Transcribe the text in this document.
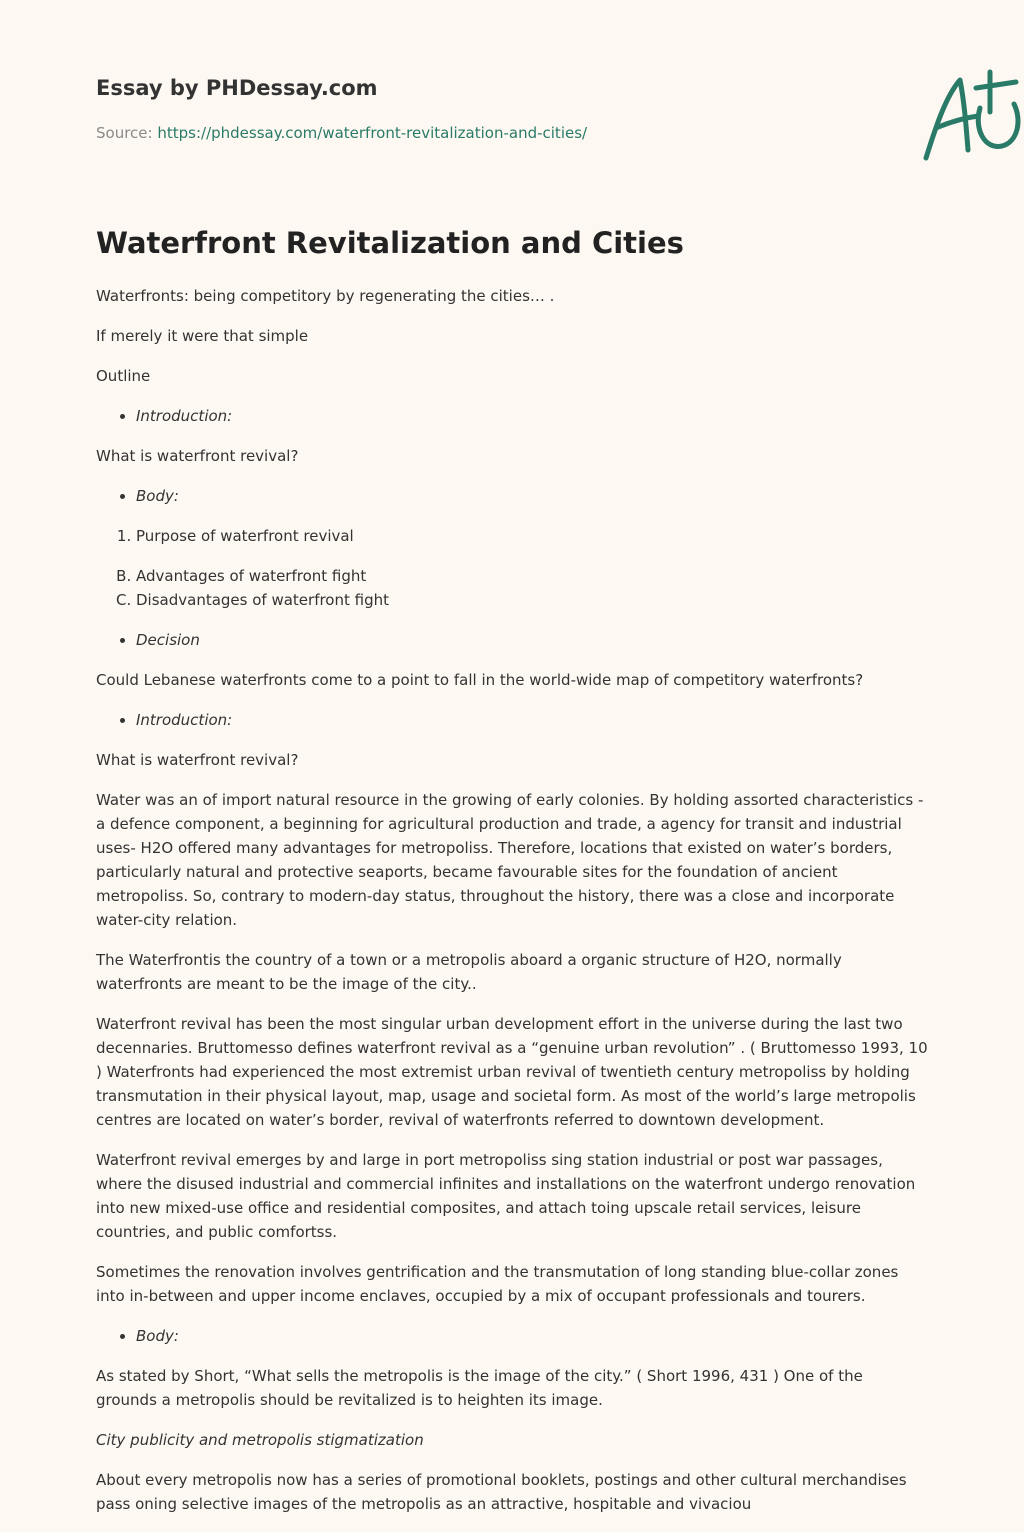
Essay by PHDessay.com
Source: https://phdessay.com/waterfront-revitalization-and-cities/
Waterfront Revitalization and Cities

Waterfronts: being competitory by regenerating the cities… .

If merely it were that simple

Outline

• Introduction:

What is waterfront revival?

• Body:
1. Purpose of waterfront revival
B. Advantages of waterfront fight
C. Disadvantages of waterfront fight
• Decision

Could Lebanese waterfronts come to a point to fall in the world-wide map of competitory waterfronts?

• Introduction:

What is waterfront revival?

Water was an of import natural resource in the growing of early colonies. By holding assorted characteristics -a defence component, a beginning for agricultural production and trade, a agency for transit and industrial uses- H2O offered many advantages for metropoliss. Therefore, locations that existed on water’s borders, particularly natural and protective seaports, became favourable sites for the foundation of ancient metropoliss. So, contrary to modern-day status, throughout the history, there was a close and incorporate water-city relation.

The Waterfrontis the country of a town or a metropolis aboard a organic structure of H2O, normally waterfronts are meant to be the image of the city..

Waterfront revival has been the most singular urban development effort in the universe during the last two decennaries. Bruttomesso defines waterfront revival as a “genuine urban revolution” . ( Bruttomesso 1993, 10 ) Waterfronts had experienced the most extremist urban revival of twentieth century metropoliss by holding transmutation in their physical layout, map, usage and societal form. As most of the world’s large metropolis centres are located on water’s border, revival of waterfronts referred to downtown development.

Waterfront revival emerges by and large in port metropoliss sing station industrial or post war passages, where the disused industrial and commercial infinites and installations on the waterfront undergo renovation into new mixed-use office and residential composites, and attach toing upscale retail services, leisure countries, and public comfortss.

Sometimes the renovation involves gentrification and the transmutation of long standing blue-collar zones into in-between and upper income enclaves, occupied by a mix of occupant professionals and tourers.

• Body:

As stated by Short, “What sells the metropolis is the image of the city.” ( Short 1996, 431 ) One of the grounds a metropolis should be revitalized is to heighten its image.

City publicity and metropolis stigmatization

About every metropolis now has a series of promotional booklets, postings and other cultural merchandises pass oning selective images of the metropolis as an attractive, hospitable and vivaciou
